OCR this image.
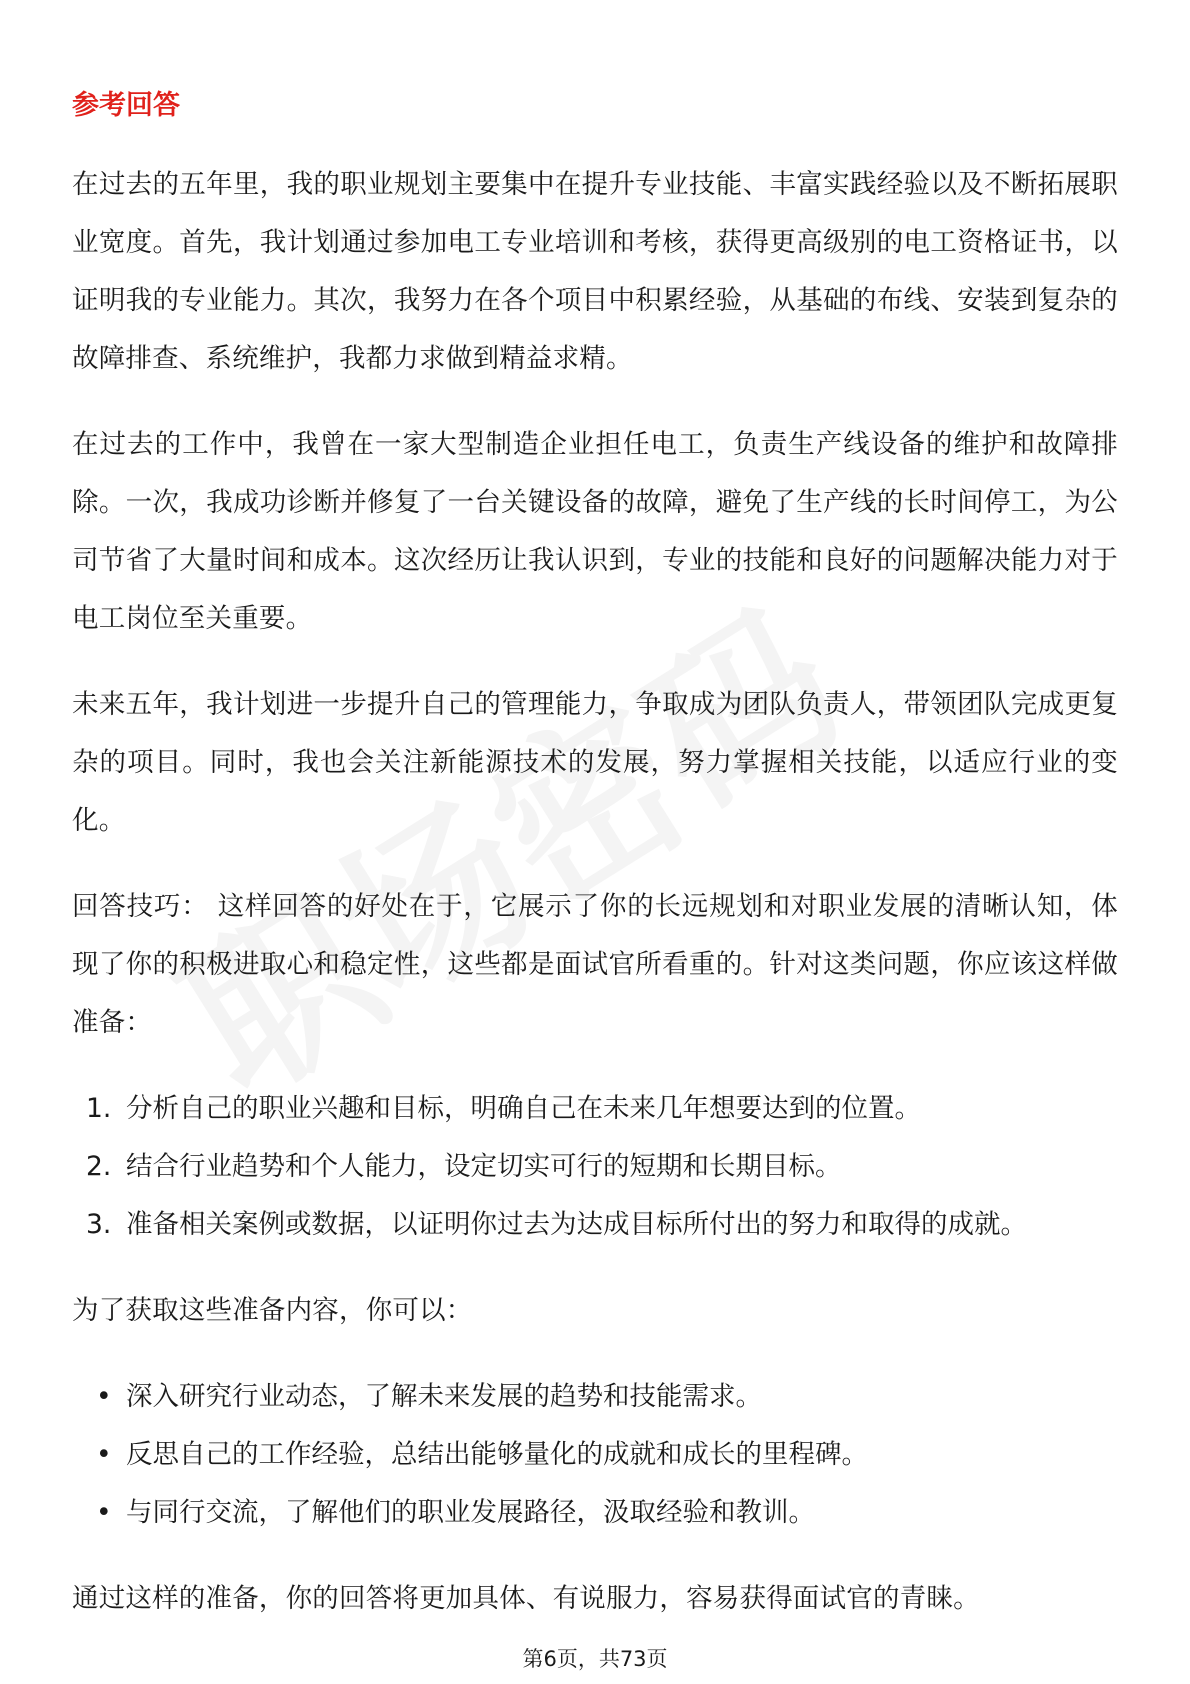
参考回答

在过去的五年里，我的职业规划主要集中在提升专业技能、丰富实践经验以及不断拓展职业宽度。首先，我计划通过参加电工专业培训和考核，获得更高级别的电工资格证书，以证明我的专业能力。其次，我努力在各个项目中积累经验，从基础的布线、安装到复杂的故障排查、系统维护，我都力求做到精益求精。

在过去的工作中，我曾在一家大型制造企业担任电工，负责生产线设备的维护和故障排除。一次，我成功诊断并修复了一台关键设备的故障，避免了生产线的长时间停工，为公司节省了大量时间和成本。这次经历让我认识到，专业的技能和良好的问题解决能力对于电工岗位至关重要。

未来五年，我计划进一步提升自己的管理能力，争取成为团队负责人，带领团队完成更复杂的项目。同时，我也会关注新能源技术的发展，努力掌握相关技能，以适应行业的变化。

回答技巧： 这样回答的好处在于，它展示了你的长远规划和对职业发展的清晰认知，体现了你的积极进取心和稳定性，这些都是面试官所看重的。针对这类问题，你应该这样做准备：

1. 分析自己的职业兴趣和目标，明确自己在未来几年想要达到的位置。
2. 结合行业趋势和个人能力，设定切实可行的短期和长期目标。
3. 准备相关案例或数据，以证明你过去为达成目标所付出的努力和取得的成就。

为了获取这些准备内容，你可以：

• 深入研究行业动态，了解未来发展的趋势和技能需求。
• 反思自己的工作经验，总结出能够量化的成就和成长的里程碑。
• 与同行交流，了解他们的职业发展路径，汲取经验和教训。

通过这样的准备，你的回答将更加具体、有说服力，容易获得面试官的青睐。

第6页，共73页
